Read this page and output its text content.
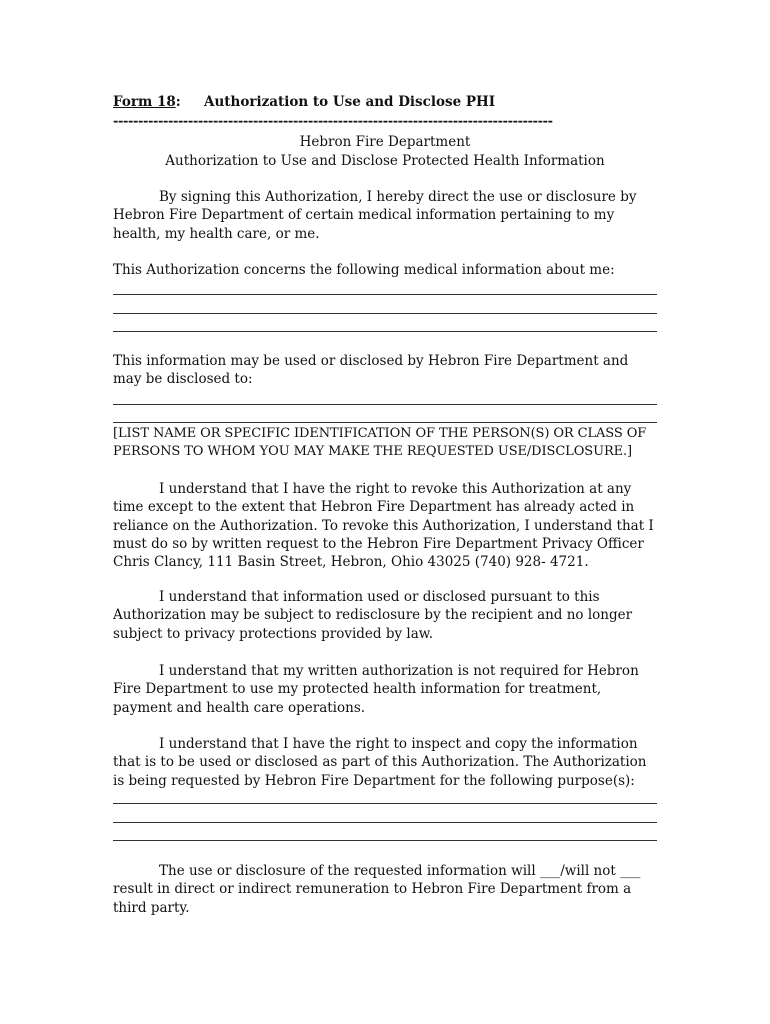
Form 18: Authorization to Use and Disclose PHI
----------------------------------------------------------------------------------------
Hebron Fire Department
Authorization to Use and Disclose Protected Health Information
By signing this Authorization, I hereby direct the use or disclosure by
Hebron Fire Department of certain medical information pertaining to my
health, my health care, or me.
This Authorization concerns the following medical information about me:
This information may be used or disclosed by Hebron Fire Department and
may be disclosed to:
[LIST NAME OR SPECIFIC IDENTIFICATION OF THE PERSON(S) OR CLASS OF
PERSONS TO WHOM YOU MAY MAKE THE REQUESTED USE/DISCLOSURE.]
I understand that I have the right to revoke this Authorization at any
time except to the extent that Hebron Fire Department has already acted in
reliance on the Authorization. To revoke this Authorization, I understand that I
must do so by written request to the Hebron Fire Department Privacy Officer
Chris Clancy, 111 Basin Street, Hebron, Ohio 43025 (740) 928- 4721.
I understand that information used or disclosed pursuant to this
Authorization may be subject to redisclosure by the recipient and no longer
subject to privacy protections provided by law.
I understand that my written authorization is not required for Hebron
Fire Department to use my protected health information for treatment,
payment and health care operations.
I understand that I have the right to inspect and copy the information
that is to be used or disclosed as part of this Authorization. The Authorization
is being requested by Hebron Fire Department for the following purpose(s):
The use or disclosure of the requested information will ___/will not ___
result in direct or indirect remuneration to Hebron Fire Department from a
third party.
